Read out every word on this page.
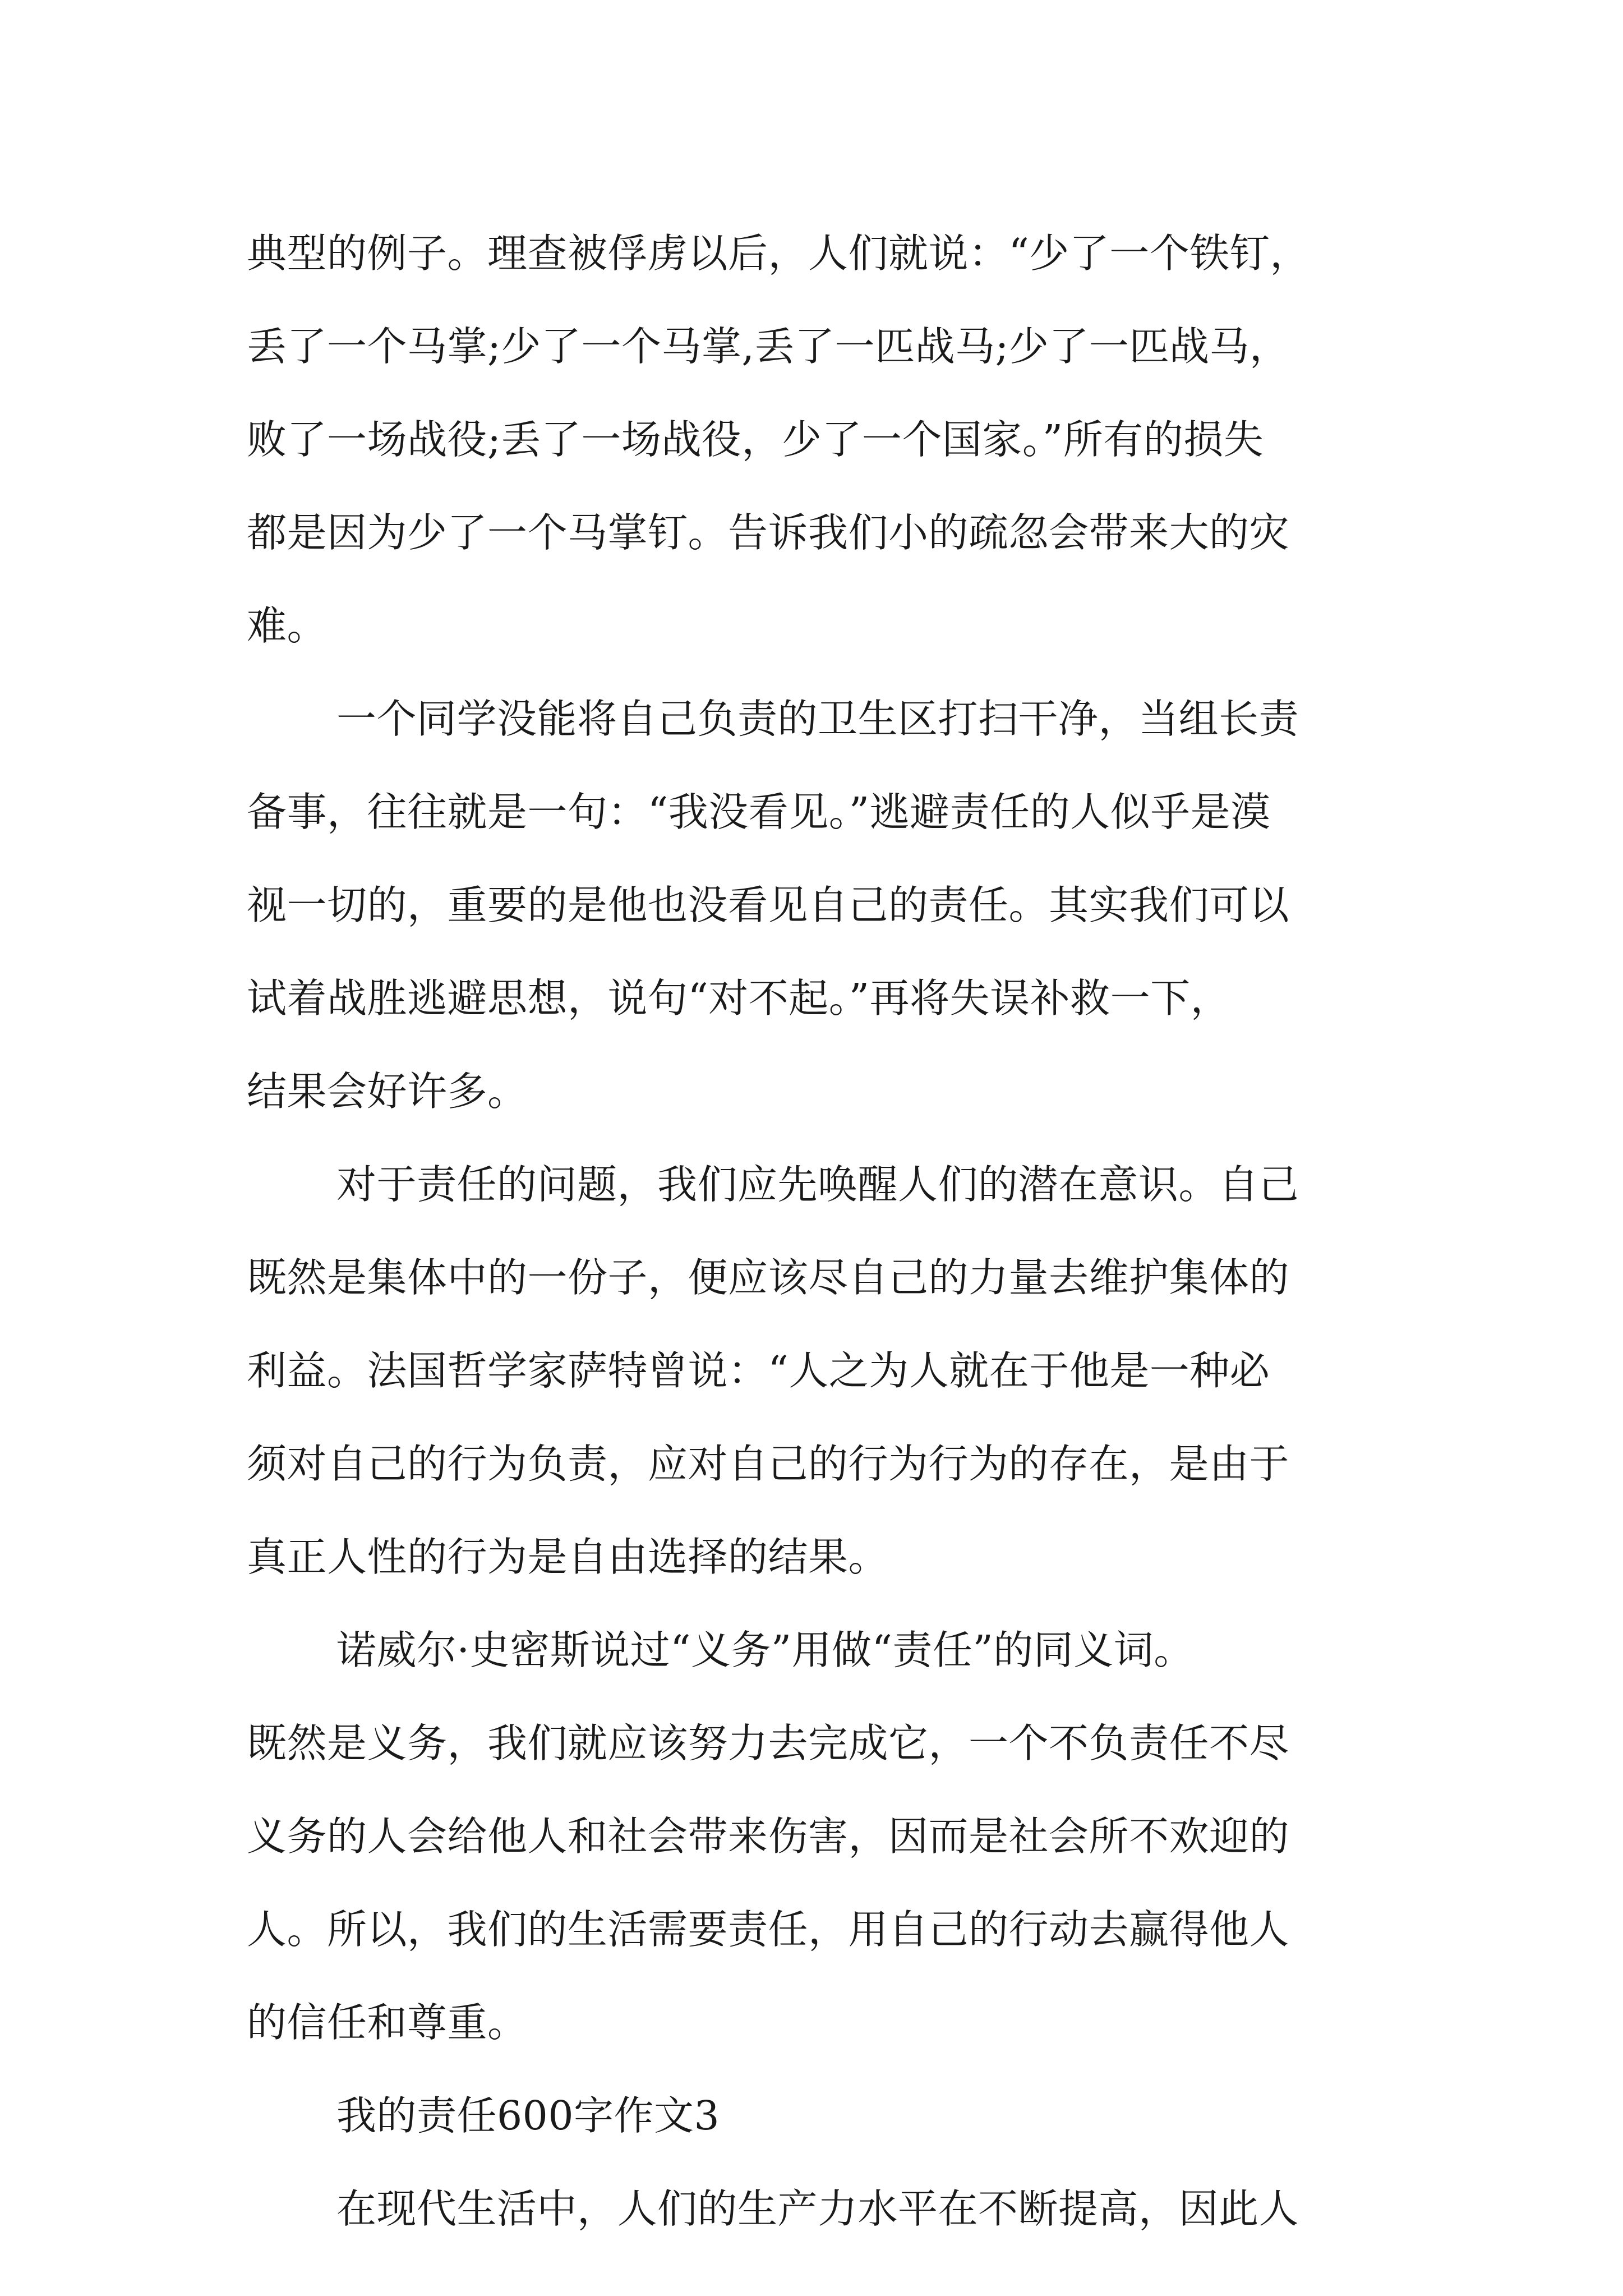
典型的例子。理查被俘虏以后，人们就说：“少了一个铁钉，
丢了一个马掌;少了一个马掌,丢了一匹战马;少了一匹战马，
败了一场战役;丢了一场战役，少了一个国家。”所有的损失
都是因为少了一个马掌钉。告诉我们小的疏忽会带来大的灾
难。
一个同学没能将自己负责的卫生区打扫干净，当组长责
备事，往往就是一句：“我没看见。”逃避责任的人似乎是漠
视一切的，重要的是他也没看见自己的责任。其实我们可以
试着战胜逃避思想，说句“对不起。”再将失误补救一下，
结果会好许多。
对于责任的问题，我们应先唤醒人们的潜在意识。自己
既然是集体中的一份子，便应该尽自己的力量去维护集体的
利益。法国哲学家萨特曾说：“人之为人就在于他是一种必
须对自己的行为负责，应对自己的行为行为的存在，是由于
真正人性的行为是自由选择的结果。
诺威尔·史密斯说过“义务”用做“责任”的同义词。
既然是义务，我们就应该努力去完成它，一个不负责任不尽
义务的人会给他人和社会带来伤害，因而是社会所不欢迎的
人。所以，我们的生活需要责任，用自己的行动去赢得他人
的信任和尊重。
我的责任600字作文3
在现代生活中，人们的生产力水平在不断提高，因此人
